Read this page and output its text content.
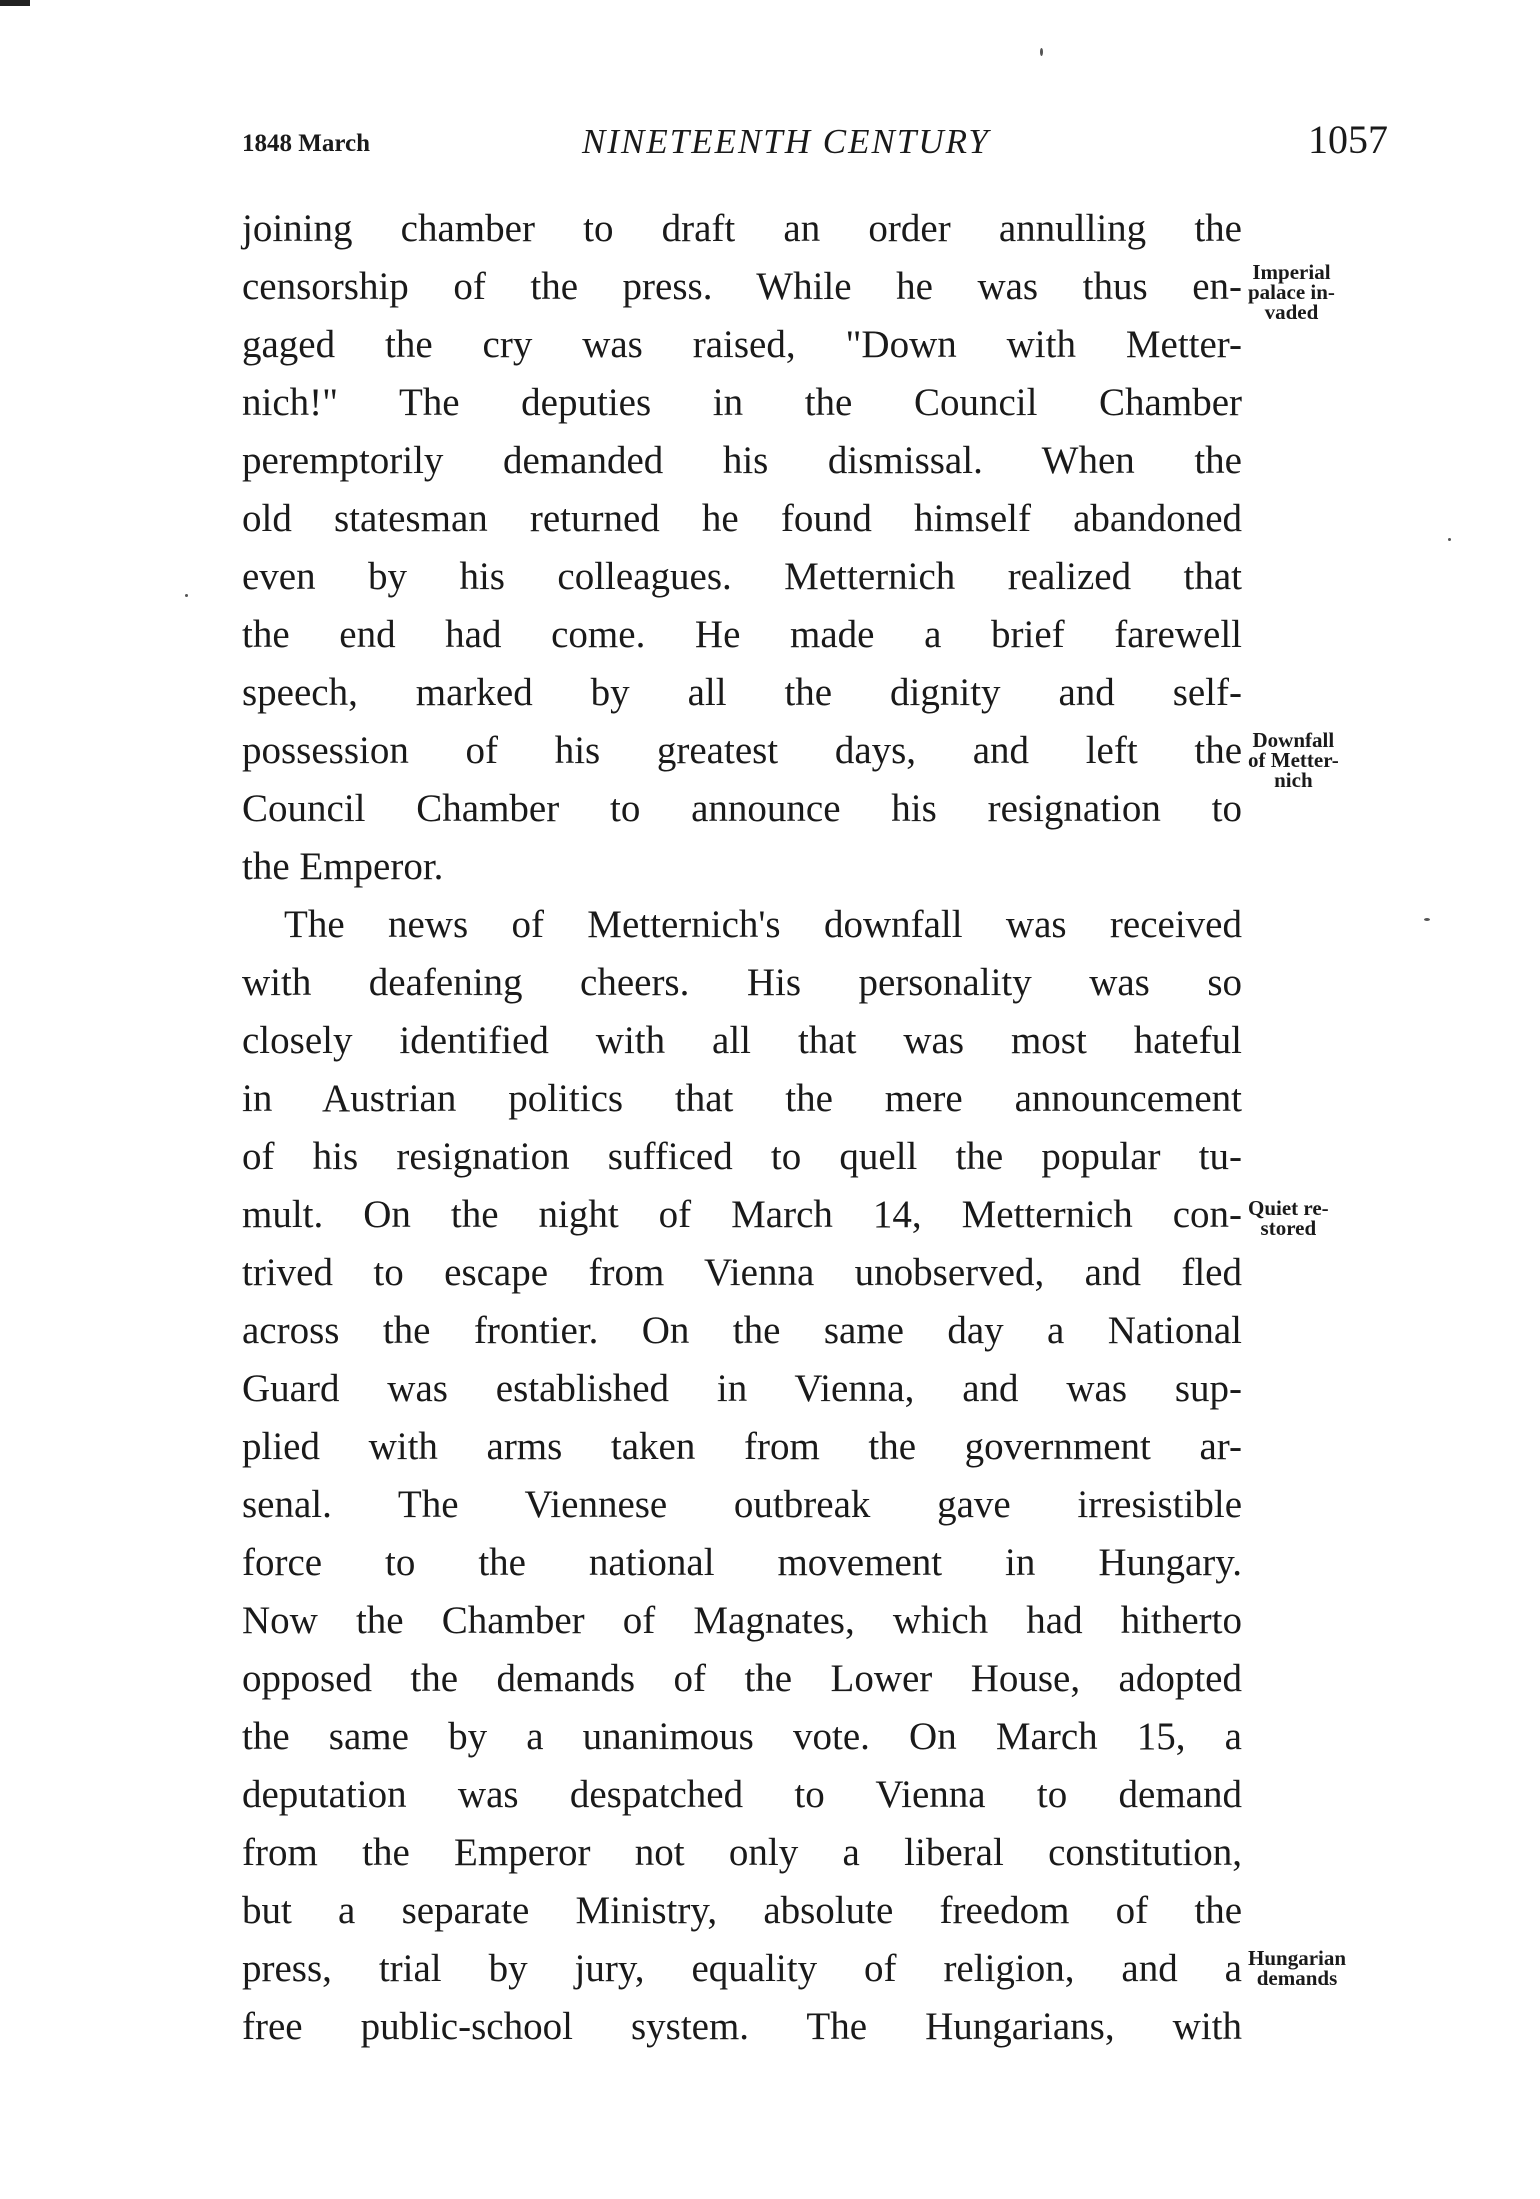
1848 March	NINETEENTH CENTURY	1057
joining chamber to draft an order annulling the
censorship of the press. While he was thus en-
gaged the cry was raised, "Down with Metter-
nich!" The deputies in the Council Chamber
peremptorily demanded his dismissal. When the
old statesman returned he found himself abandoned
even by his colleagues. Metternich realized that
the end had come. He made a brief farewell
speech, marked by all the dignity and self-
possession of his greatest days, and left the
Council Chamber to announce his resignation to
the Emperor.
The news of Metternich's downfall was received
with deafening cheers. His personality was so
closely identified with all that was most hateful
in Austrian politics that the mere announcement
of his resignation sufficed to quell the popular tu-
mult. On the night of March 14, Metternich con-
trived to escape from Vienna unobserved, and fled
across the frontier. On the same day a National
Guard was established in Vienna, and was sup-
plied with arms taken from the government ar-
senal. The Viennese outbreak gave irresistible
force to the national movement in Hungary.
Now the Chamber of Magnates, which had hitherto
opposed the demands of the Lower House, adopted
the same by a unanimous vote. On March 15, a
deputation was despatched to Vienna to demand
from the Emperor not only a liberal constitution,
but a separate Ministry, absolute freedom of the
press, trial by jury, equality of religion, and a
free public-school system. The Hungarians, with
Imperial
palace in-
vaded
Downfall
of Metter-
nich
Quiet re-
stored
Hungarian
demands
